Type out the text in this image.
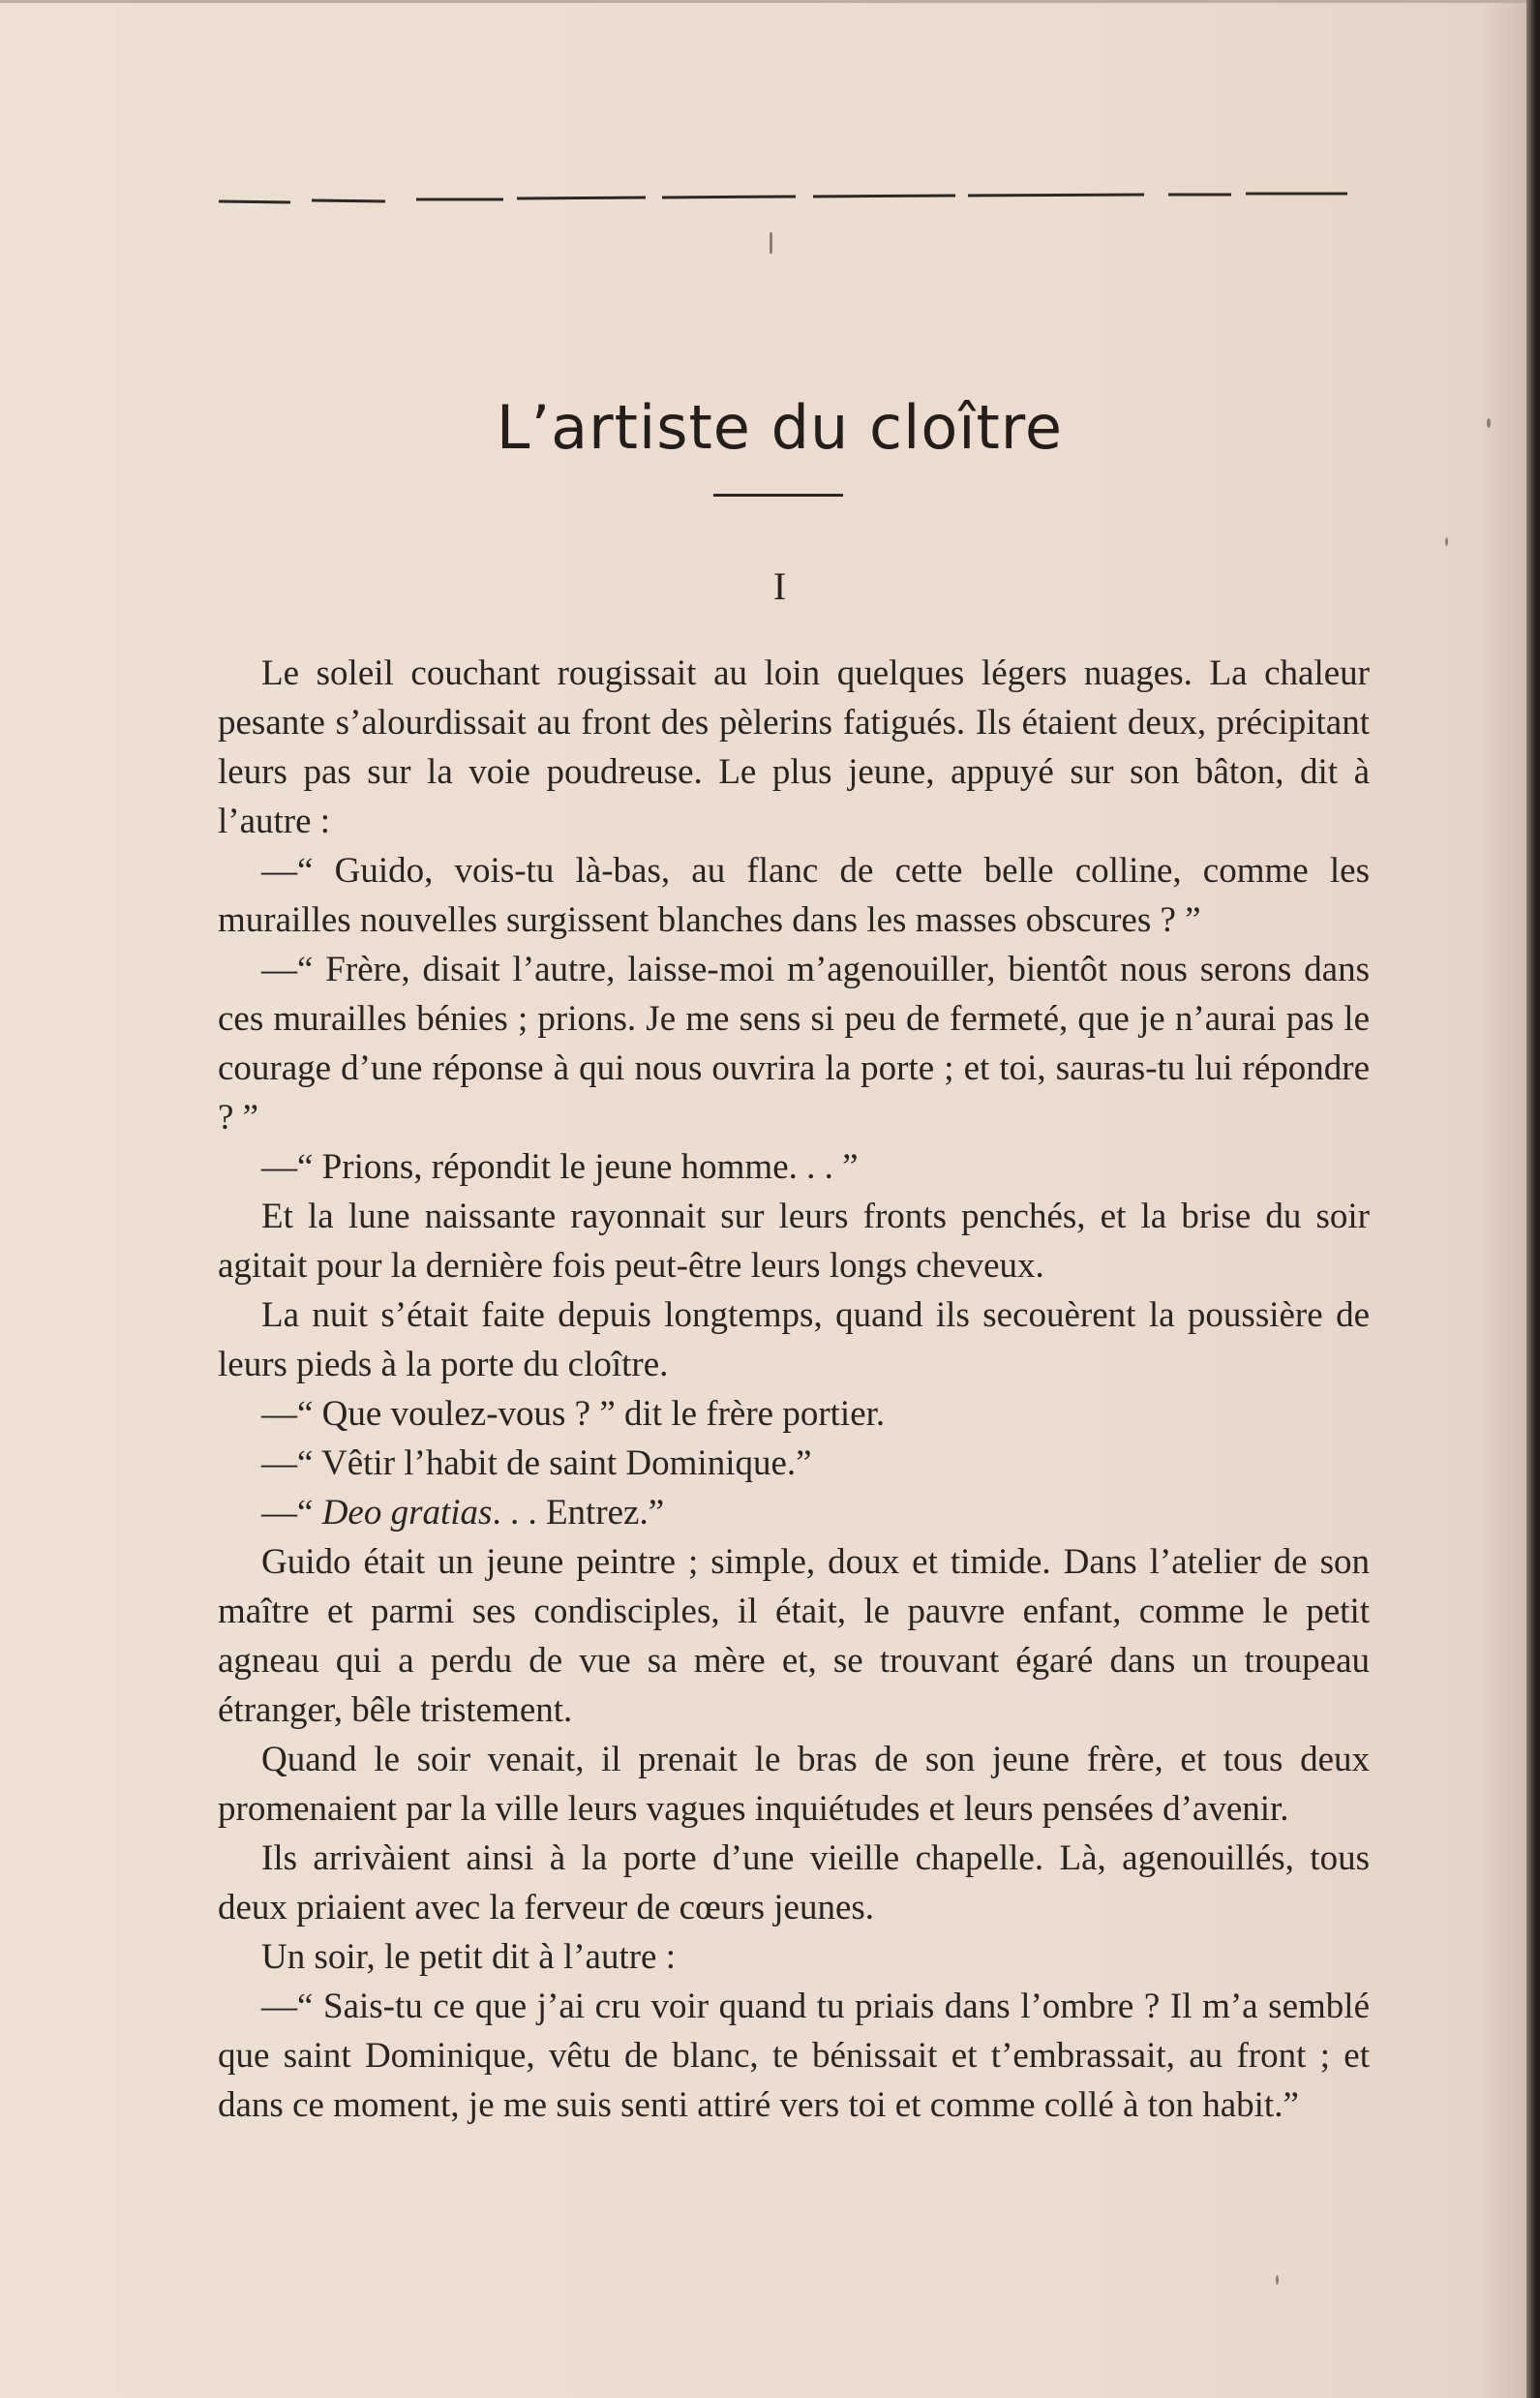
L’artiste du cloître
I

Le soleil couchant rougissait au loin quelques légers nuages. La chaleur pesante s’alourdissait au front des pèlerins fatigués. Ils étaient deux, précipitant leurs pas sur la voie poudreuse. Le plus jeune, appuyé sur son bâton, dit à l’autre :

—“ Guido, vois-tu là-bas, au flanc de cette belle colline, comme les murailles nouvelles surgissent blanches dans les masses obscures ? ”

—“ Frère, disait l’autre, laisse-moi m’agenouiller, bientôt nous serons dans ces murailles bénies ; prions. Je me sens si peu de fermeté, que je n’aurai pas le courage d’une réponse à qui nous ouvrira la porte ; et toi, sauras-tu lui répondre ? ”

—“ Prions, répondit le jeune homme. . . ”

Et la lune naissante rayonnait sur leurs fronts penchés, et la brise du soir agitait pour la dernière fois peut-être leurs longs cheveux.

La nuit s’était faite depuis longtemps, quand ils secouèrent la poussière de leurs pieds à la porte du cloître.

—“ Que voulez-vous ? ” dit le frère portier.

—“ Vêtir l’habit de saint Dominique.”

—“ Deo gratias. . . Entrez.”

Guido était un jeune peintre ; simple, doux et timide. Dans l’atelier de son maître et parmi ses condisciples, il était, le pauvre enfant, comme le petit agneau qui a perdu de vue sa mère et, se trouvant égaré dans un troupeau étranger, bêle tristement.

Quand le soir venait, il prenait le bras de son jeune frère, et tous deux promenaient par la ville leurs vagues inquiétudes et leurs pensées d’avenir.

Ils arrivàient ainsi à la porte d’une vieille chapelle. Là, agenouillés, tous deux priaient avec la ferveur de cœurs jeunes.

Un soir, le petit dit à l’autre :

—“ Sais-tu ce que j’ai cru voir quand tu priais dans l’ombre ? Il m’a semblé que saint Dominique, vêtu de blanc, te bénissait et t’embrassait, au front ; et dans ce moment, je me suis senti attiré vers toi et comme collé à ton habit.”
